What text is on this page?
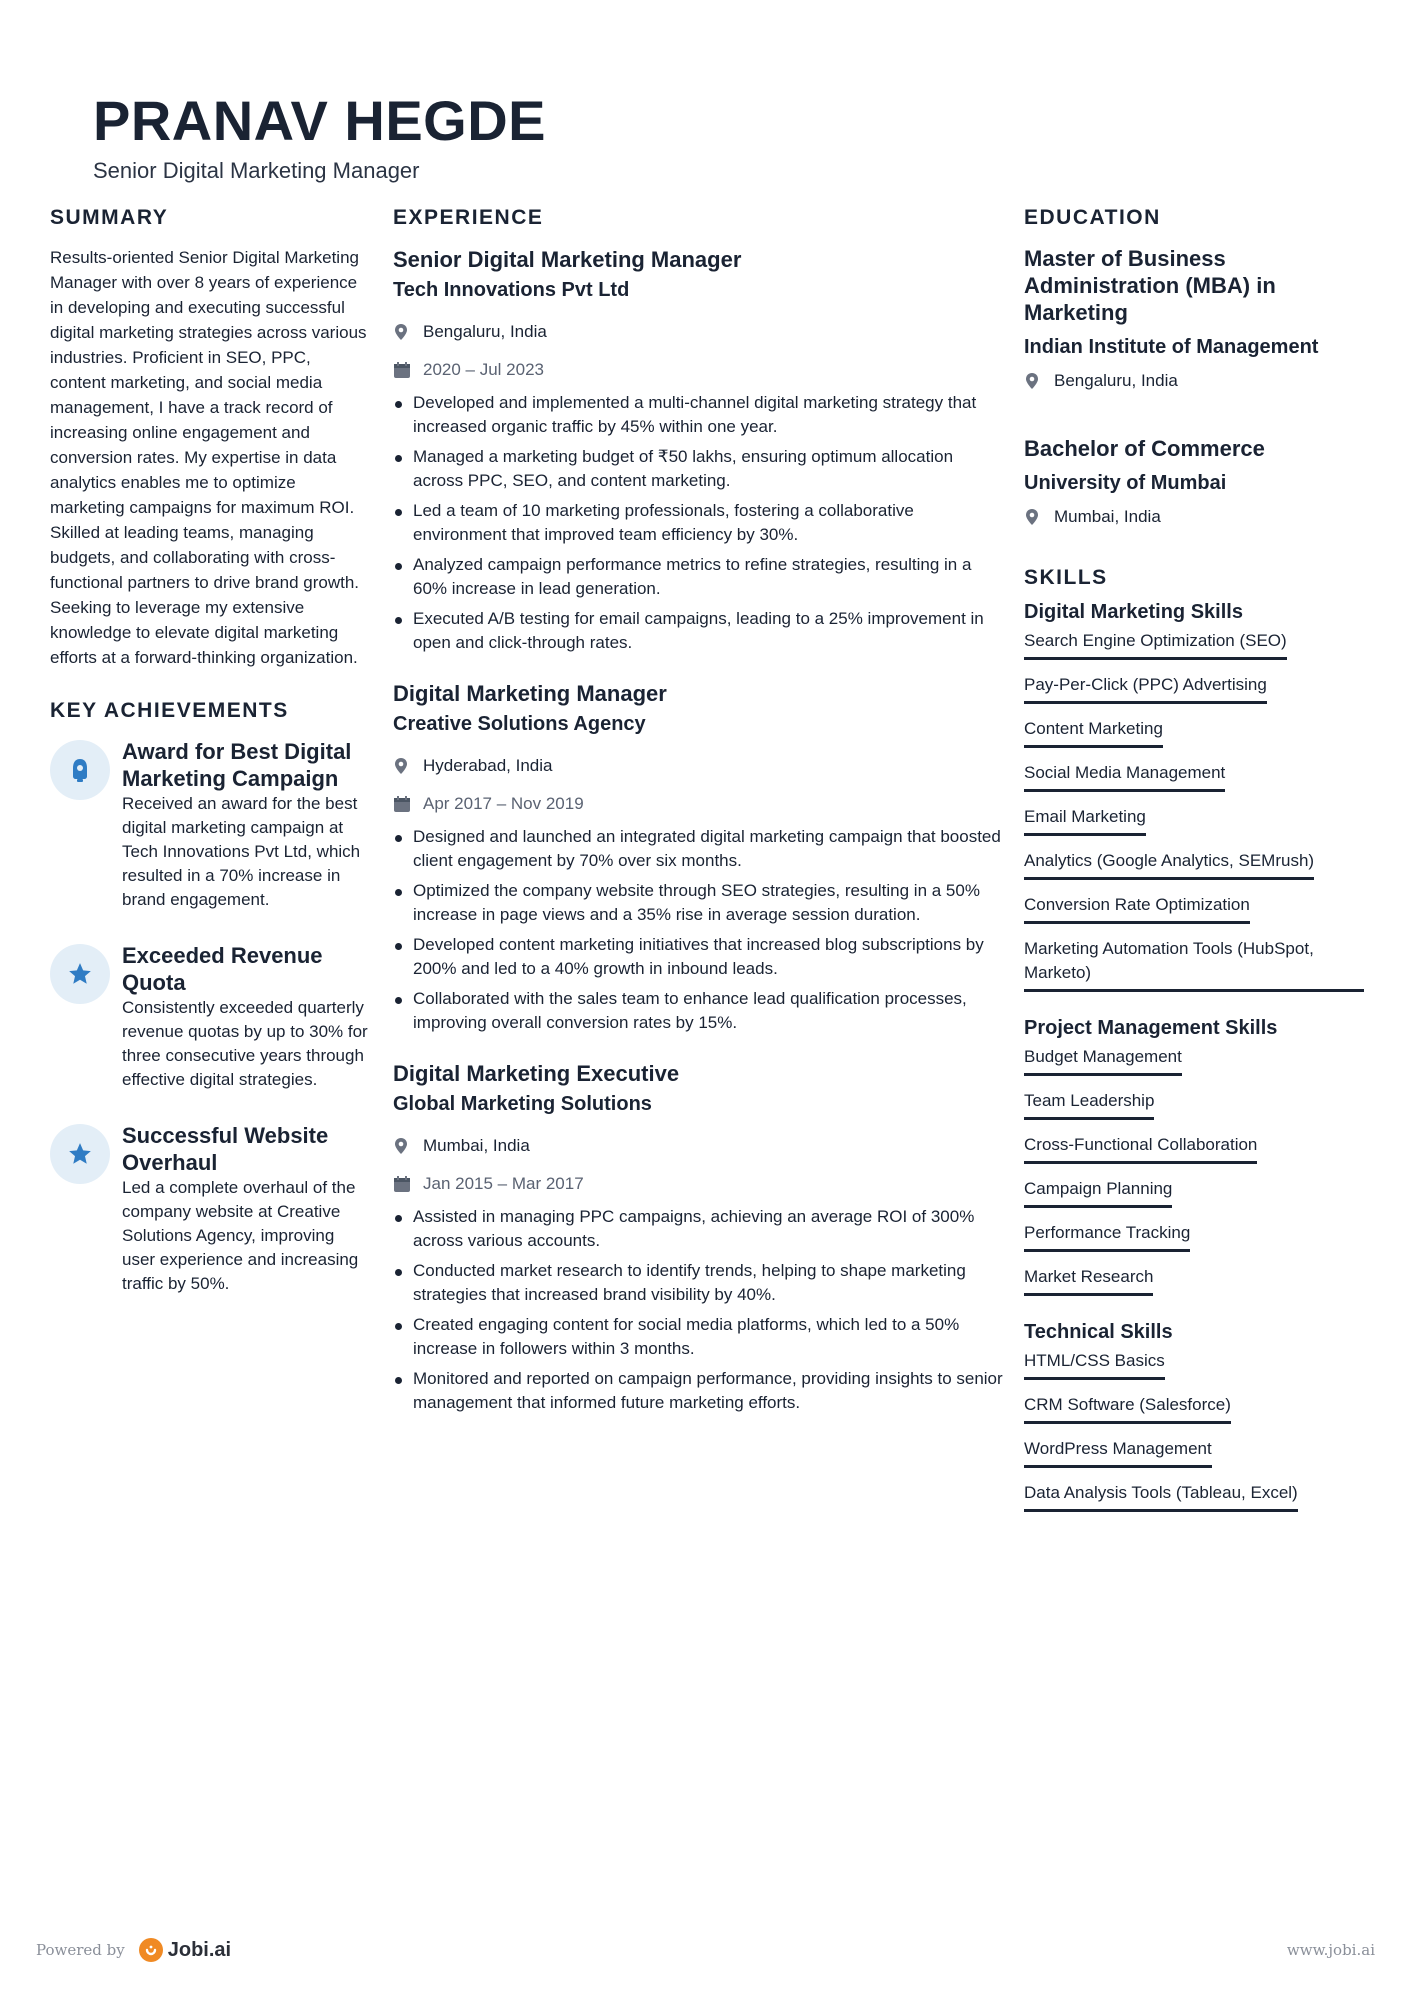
PRANAV HEGDE
Senior Digital Marketing Manager
SUMMARY
Results-oriented Senior Digital Marketing Manager with over 8 years of experience in developing and executing successful digital marketing strategies across various industries. Proficient in SEO, PPC, content marketing, and social media management, I have a track record of increasing online engagement and conversion rates. My expertise in data analytics enables me to optimize marketing campaigns for maximum ROI. Skilled at leading teams, managing budgets, and collaborating with cross-functional partners to drive brand growth. Seeking to leverage my extensive knowledge to elevate digital marketing efforts at a forward-thinking organization.
KEY ACHIEVEMENTS
Award for Best Digital Marketing Campaign
Received an award for the best digital marketing campaign at Tech Innovations Pvt Ltd, which resulted in a 70% increase in brand engagement.
Exceeded Revenue Quota
Consistently exceeded quarterly revenue quotas by up to 30% for three consecutive years through effective digital strategies.
Successful Website Overhaul
Led a complete overhaul of the company website at Creative Solutions Agency, improving user experience and increasing traffic by 50%.
EXPERIENCE
Senior Digital Marketing Manager
Tech Innovations Pvt Ltd
Bengaluru, India
2020 – Jul 2023
Developed and implemented a multi-channel digital marketing strategy that increased organic traffic by 45% within one year.
Managed a marketing budget of ₹50 lakhs, ensuring optimum allocation across PPC, SEO, and content marketing.
Led a team of 10 marketing professionals, fostering a collaborative environment that improved team efficiency by 30%.
Analyzed campaign performance metrics to refine strategies, resulting in a 60% increase in lead generation.
Executed A/B testing for email campaigns, leading to a 25% improvement in open and click-through rates.
Digital Marketing Manager
Creative Solutions Agency
Hyderabad, India
Apr 2017 – Nov 2019
Designed and launched an integrated digital marketing campaign that boosted client engagement by 70% over six months.
Optimized the company website through SEO strategies, resulting in a 50% increase in page views and a 35% rise in average session duration.
Developed content marketing initiatives that increased blog subscriptions by 200% and led to a 40% growth in inbound leads.
Collaborated with the sales team to enhance lead qualification processes, improving overall conversion rates by 15%.
Digital Marketing Executive
Global Marketing Solutions
Mumbai, India
Jan 2015 – Mar 2017
Assisted in managing PPC campaigns, achieving an average ROI of 300% across various accounts.
Conducted market research to identify trends, helping to shape marketing strategies that increased brand visibility by 40%.
Created engaging content for social media platforms, which led to a 50% increase in followers within 3 months.
Monitored and reported on campaign performance, providing insights to senior management that informed future marketing efforts.
EDUCATION
Master of Business Administration (MBA) in Marketing
Indian Institute of Management
Bengaluru, India
Bachelor of Commerce
University of Mumbai
Mumbai, India
SKILLS
Digital Marketing Skills
Search Engine Optimization (SEO)
Pay-Per-Click (PPC) Advertising
Content Marketing
Social Media Management
Email Marketing
Analytics (Google Analytics, SEMrush)
Conversion Rate Optimization
Marketing Automation Tools (HubSpot, Marketo)
Project Management Skills
Budget Management
Team Leadership
Cross-Functional Collaboration
Campaign Planning
Performance Tracking
Market Research
Technical Skills
HTML/CSS Basics
CRM Software (Salesforce)
WordPress Management
Data Analysis Tools (Tableau, Excel)
Powered by Jobi.ai	www.jobi.ai
